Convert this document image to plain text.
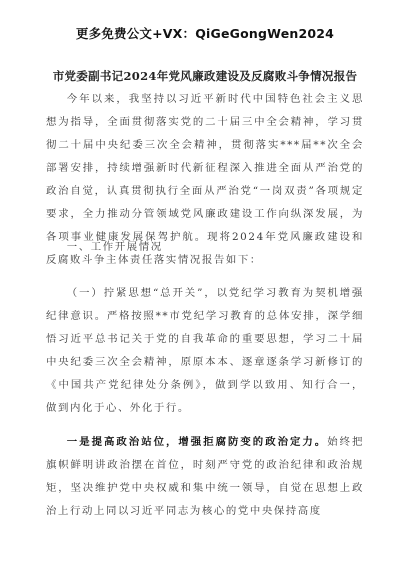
更多免费公文+VX：QiGeGongWen2024
市党委副书记2024年党风廉政建设及反腐败斗争情况报告

今年以来，我坚持以习近平新时代中国特色社会主义思想为指导，全面贯彻落实党的二十届三中全会精神，学习贯彻二十届中央纪委三次全会精神，贯彻落实***届**次全会部署安排，持续增强新时代新征程深入推进全面从严治党的政治自觉，认真贯彻执行全面从严治党“一岗双责”各项规定要求，全力推动分管领域党风廉政建设工作向纵深发展，为各项事业健康发展保驾护航。现将2024年党风廉政建设和反腐败斗争主体责任落实情况报告如下：

一、工作开展情况

（一）拧紧思想“总开关”，以党纪学习教育为契机增强纪律意识。严格按照**市党纪学习教育的总体安排，深学细悟习近平总书记关于党的自我革命的重要思想，学习二十届中央纪委三次全会精神，原原本本、逐章逐条学习新修订的《中国共产党纪律处分条例》，做到学以致用、知行合一，做到内化于心、外化于行。

一是提高政治站位，增强拒腐防变的政治定力。始终把旗帜鲜明讲政治摆在首位，时刻严守党的政治纪律和政治规矩，坚决维护党中央权威和集中统一领导，自觉在思想上政治上行动上同以习近平同志为核心的党中央保持高度
